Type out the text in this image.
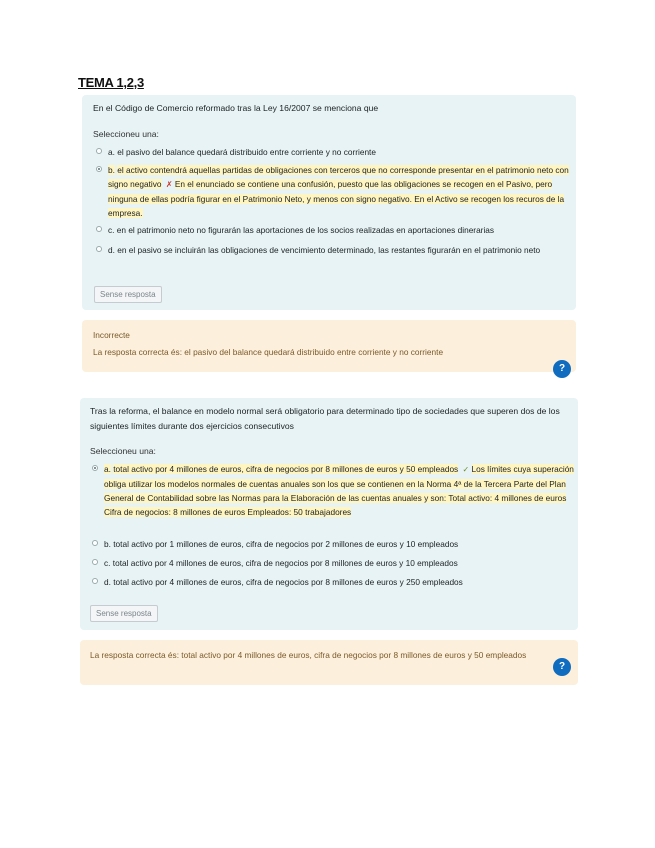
TEMA 1,2,3
En el Código de Comercio reformado tras la Ley 16/2007 se menciona que
Seleccioneu una:
a. el pasivo del balance quedará distribuido entre corriente y no corriente
b. el activo contendrá aquellas partidas de obligaciones con terceros que no corresponde presentar en el patrimonio neto con signo negativo ✗ En el enunciado se contiene una confusión, puesto que las obligaciones se recogen en el Pasivo, pero ninguna de ellas podría figurar en el Patrimonio Neto, y menos con signo negativo. En el Activo se recogen los recuros de la empresa.
c. en el patrimonio neto no figurarán las aportaciones de los socios realizadas en aportaciones dinerarias
d. en el pasivo se incluirán las obligaciones de vencimiento determinado, las restantes figurarán en el patrimonio neto
Sense resposta
Incorrecte
La resposta correcta és: el pasivo del balance quedará distribuido entre corriente y no corriente
?
Tras la reforma, el balance en modelo normal será obligatorio para determinado tipo de sociedades que superen dos de los siguientes límites durante dos ejercicios consecutivos
Seleccioneu una:
a. total activo por 4 millones de euros, cifra de negocios por 8 millones de euros y 50 empleados ✓ Los límites cuya superación obliga utilizar los modelos normales de cuentas anuales son los que se contienen en la Norma 4ª de la Tercera Parte del Plan General de Contabilidad sobre las Normas para la Elaboración de las cuentas anuales y son: Total activo: 4 millones de euros Cifra de negocios: 8 millones de euros Empleados: 50 trabajadores
b. total activo por 1 millones de euros, cifra de negocios por 2 millones de euros y 10 empleados
c. total activo por 4 millones de euros, cifra de negocios por 8 millones de euros y 10 empleados
d. total activo por 4 millones de euros, cifra de negocios por 8 millones de euros y 250 empleados
Sense resposta
La resposta correcta és: total activo por 4 millones de euros, cifra de negocios por 8 millones de euros y 50 empleados
?
